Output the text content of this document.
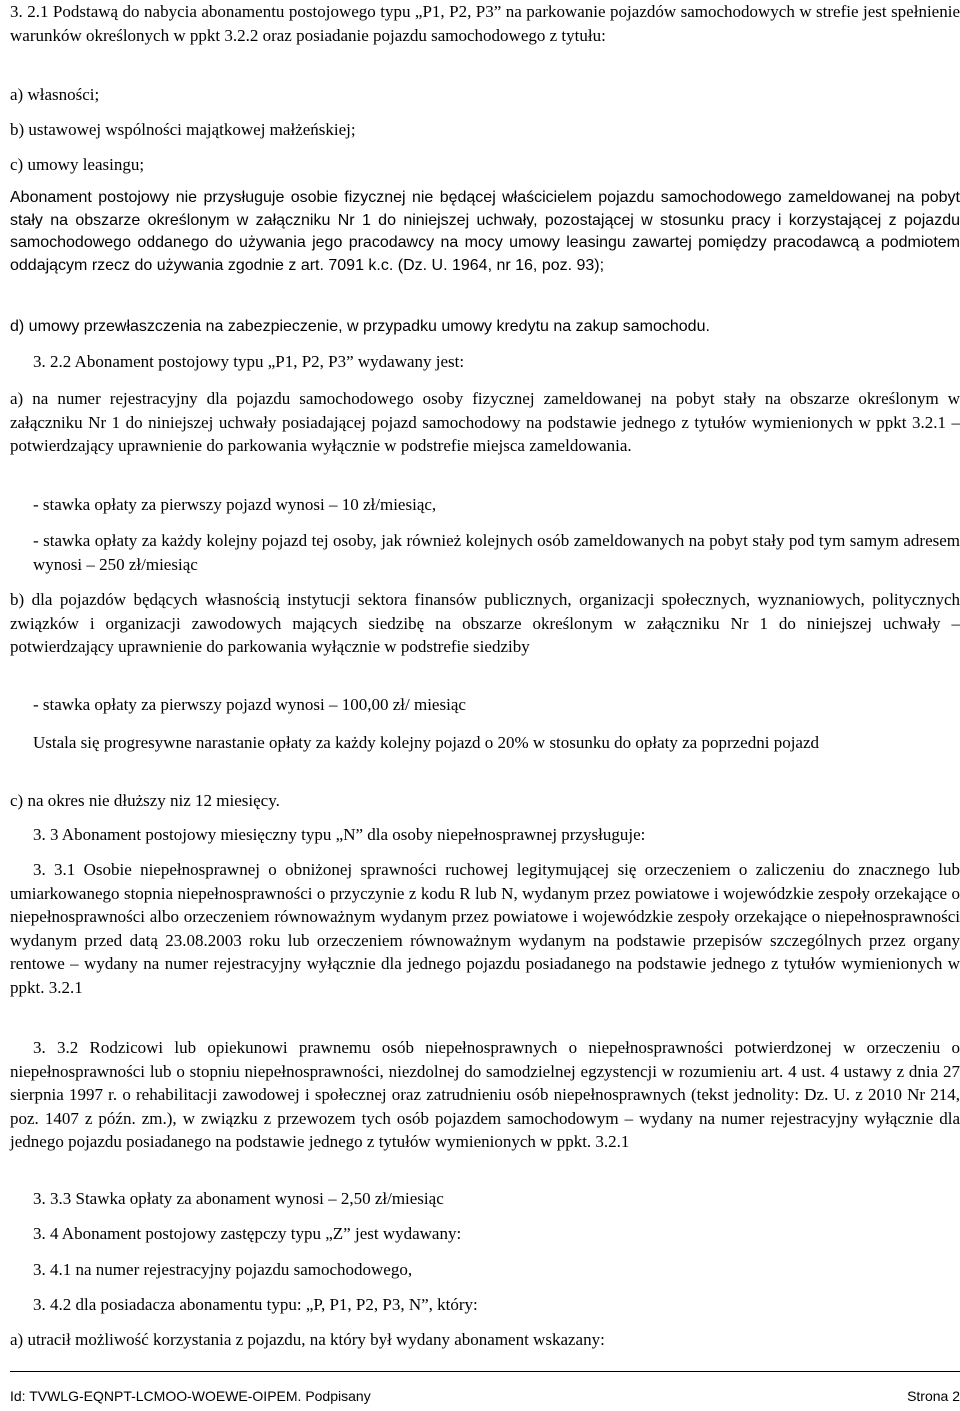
3. 2.1 Podstawą do nabycia abonamentu postojowego typu „P1, P2, P3” na parkowanie pojazdów samochodowych w strefie jest spełnienie warunków określonych w ppkt 3.2.2 oraz posiadanie pojazdu samochodowego z tytułu:

a) własności;

b) ustawowej wspólności majątkowej małżeńskiej;

c) umowy leasingu;

Abonament postojowy nie przysługuje osobie fizycznej nie będącej właścicielem pojazdu samochodowego zameldowanej na pobyt stały na obszarze określonym w załączniku Nr 1 do niniejszej uchwały, pozostającej w stosunku pracy i korzystającej z pojazdu samochodowego oddanego do używania jego pracodawcy na mocy umowy leasingu zawartej pomiędzy pracodawcą a podmiotem oddającym rzecz do używania zgodnie z art. 7091 k.c. (Dz. U. 1964, nr 16, poz. 93);

d) umowy przewłaszczenia na zabezpieczenie, w przypadku umowy kredytu na zakup samochodu.

3. 2.2 Abonament postojowy typu „P1, P2, P3” wydawany jest:

a) na numer rejestracyjny dla pojazdu samochodowego osoby fizycznej zameldowanej na pobyt stały na obszarze określonym w załączniku Nr 1 do niniejszej uchwały posiadającej pojazd samochodowy na podstawie jednego z tytułów wymienionych w ppkt 3.2.1 – potwierdzający uprawnienie do parkowania wyłącznie w podstrefie miejsca zameldowania.

- stawka opłaty za pierwszy pojazd wynosi – 10 zł/miesiąc,

- stawka opłaty za każdy kolejny pojazd tej osoby, jak również kolejnych osób zameldowanych na pobyt stały pod tym samym adresem wynosi – 250 zł/miesiąc

b) dla pojazdów będących własnością instytucji sektora finansów publicznych, organizacji społecznych, wyznaniowych, politycznych związków i organizacji zawodowych mających siedzibę na obszarze określonym w załączniku Nr 1 do niniejszej uchwały – potwierdzający uprawnienie do parkowania wyłącznie w podstrefie siedziby

- stawka opłaty za pierwszy pojazd wynosi – 100,00 zł/ miesiąc

Ustala się progresywne narastanie opłaty za każdy kolejny pojazd o 20% w stosunku do opłaty za poprzedni pojazd

c) na okres nie dłuższy niz 12 miesięcy.

3. 3 Abonament postojowy miesięczny typu „N” dla osoby niepełnosprawnej przysługuje:

3. 3.1 Osobie niepełnosprawnej o obniżonej sprawności ruchowej legitymującej się orzeczeniem o zaliczeniu do znacznego lub umiarkowanego stopnia niepełnosprawności o przyczynie z kodu R lub N, wydanym przez powiatowe i wojewódzkie zespoły orzekające o niepełnosprawności albo orzeczeniem równoważnym wydanym przez powiatowe i wojewódzkie zespoły orzekające o niepełnosprawności wydanym przed datą 23.08.2003 roku lub orzeczeniem równoważnym wydanym na podstawie przepisów szczególnych przez organy rentowe – wydany na numer rejestracyjny wyłącznie dla jednego pojazdu posiadanego na podstawie jednego z tytułów wymienionych w ppkt. 3.2.1

3. 3.2 Rodzicowi lub opiekunowi prawnemu osób niepełnosprawnych o niepełnosprawności potwierdzonej w orzeczeniu o niepełnosprawności lub o stopniu niepełnosprawności, niezdolnej do samodzielnej egzystencji w rozumieniu art. 4 ust. 4 ustawy z dnia 27 sierpnia 1997 r. o rehabilitacji zawodowej i społecznej oraz zatrudnieniu osób niepełnosprawnych (tekst jednolity: Dz. U. z 2010 Nr 214, poz. 1407 z późn. zm.), w związku z przewozem tych osób pojazdem samochodowym – wydany na numer rejestracyjny wyłącznie dla jednego pojazdu posiadanego na podstawie jednego z tytułów wymienionych w ppkt. 3.2.1

3. 3.3 Stawka opłaty za abonament wynosi – 2,50 zł/miesiąc

3. 4 Abonament postojowy zastępczy typu „Z” jest wydawany:

3. 4.1 na numer rejestracyjny pojazdu samochodowego,

3. 4.2 dla posiadacza abonamentu typu: „P, P1, P2, P3, N”, który:

a) utracił możliwość korzystania z pojazdu, na który był wydany abonament wskazany:

Id: TVWLG-EQNPT-LCMOO-WOEWE-OIPEM. Podpisany	Strona 2
